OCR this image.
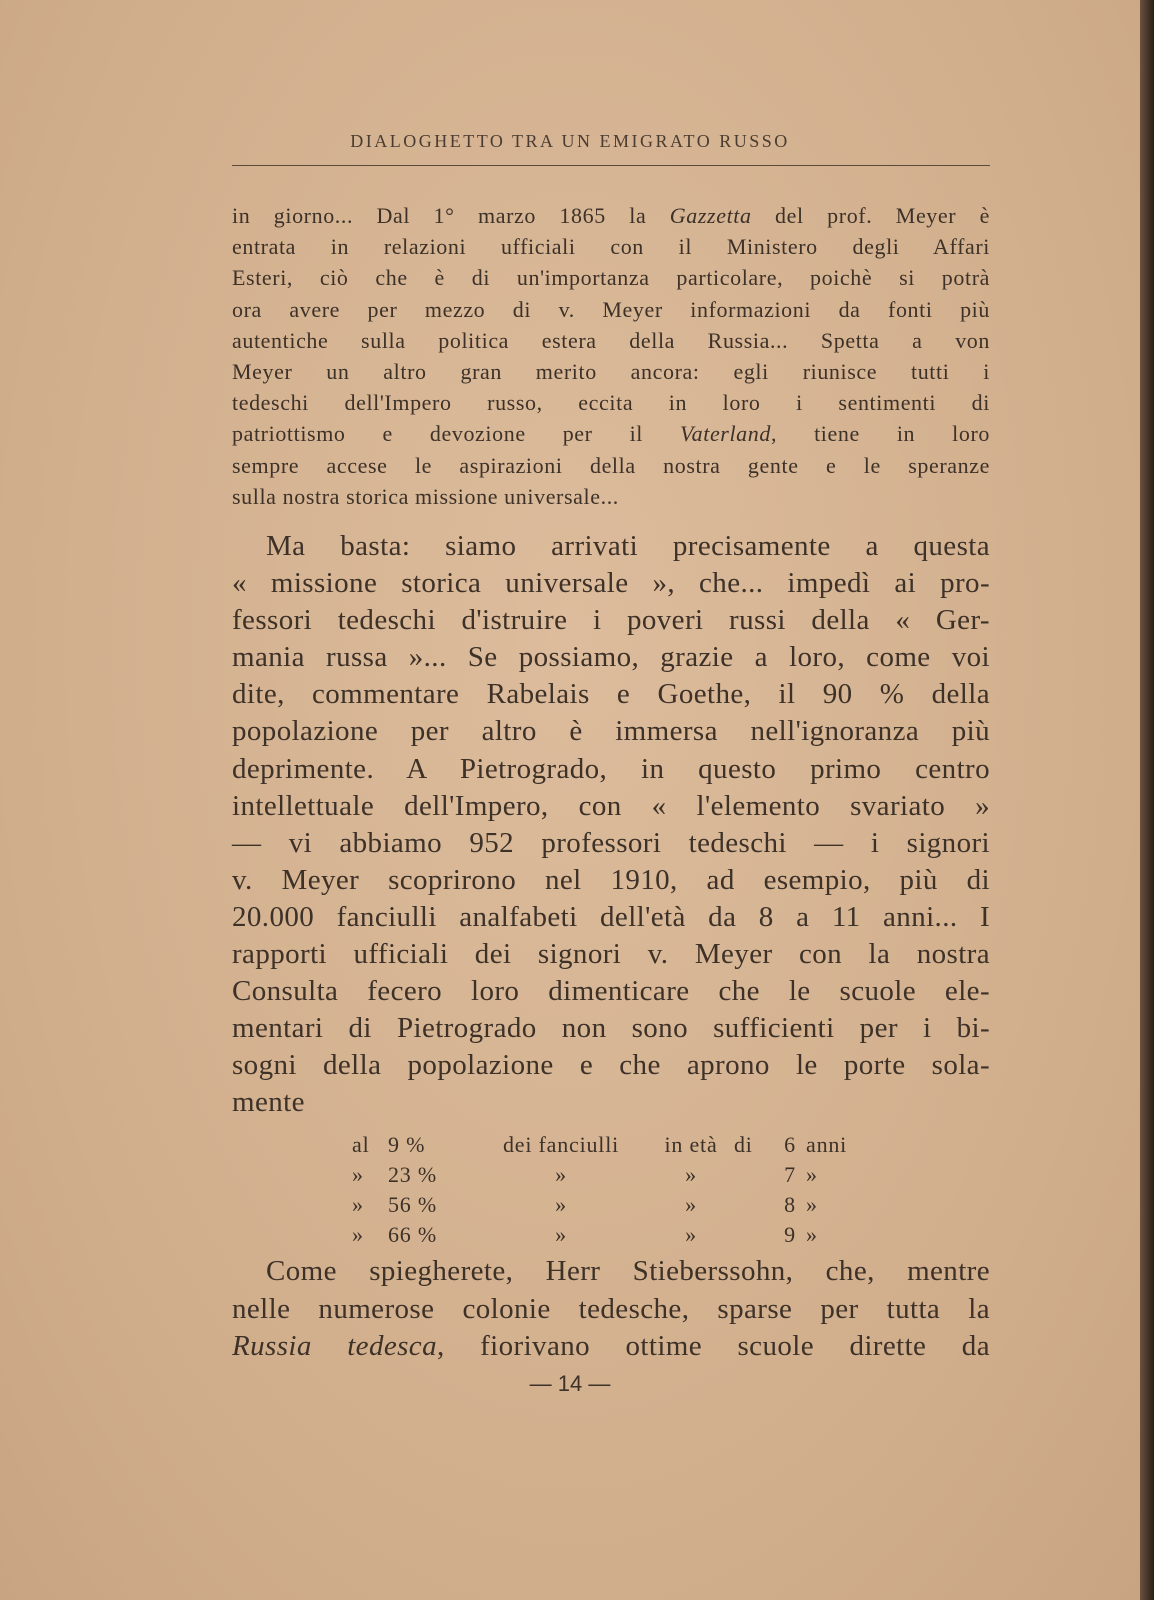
DIALOGHETTO TRA UN EMIGRATO RUSSO
in giorno... Dal 1° marzo 1865 la Gazzetta del prof. Meyer è
entrata in relazioni ufficiali con il Ministero degli Affari
Esteri, ciò che è di un'importanza particolare, poichè si potrà
ora avere per mezzo di v. Meyer informazioni da fonti più
autentiche sulla politica estera della Russia... Spetta a von
Meyer un altro gran merito ancora: egli riunisce tutti i
tedeschi dell'Impero russo, eccita in loro i sentimenti di
patriottismo e devozione per il Vaterland, tiene in loro
sempre accese le aspirazioni della nostra gente e le speranze
sulla nostra storica missione universale...
Ma basta: siamo arrivati precisamente a questa
« missione storica universale », che... impedì ai pro-
fessori tedeschi d'istruire i poveri russi della « Ger-
mania russa »... Se possiamo, grazie a loro, come voi
dite, commentare Rabelais e Goethe, il 90 % della
popolazione per altro è immersa nell'ignoranza più
deprimente. A Pietrogrado, in questo primo centro
intellettuale dell'Impero, con « l'elemento svariato »
— vi abbiamo 952 professori tedeschi — i signori
v. Meyer scoprirono nel 1910, ad esempio, più di
20.000 fanciulli analfabeti dell'età da 8 a 11 anni... I
rapporti ufficiali dei signori v. Meyer con la nostra
Consulta fecero loro dimenticare che le scuole ele-
mentari di Pietrogrado non sono sufficienti per i bi-
sogni della popolazione e che aprono le porte sola-
mente
al	9 %	dei fanciulli	in età	di	6	anni
»	23 %	»	»		7	»
»	56 %	»	»		8	»
»	66 %	»	»		9	»
Come spiegherete, Herr Stieberssohn, che, mentre
nelle numerose colonie tedesche, sparse per tutta la
Russia tedesca, fiorivano ottime scuole dirette da
— 14 —
